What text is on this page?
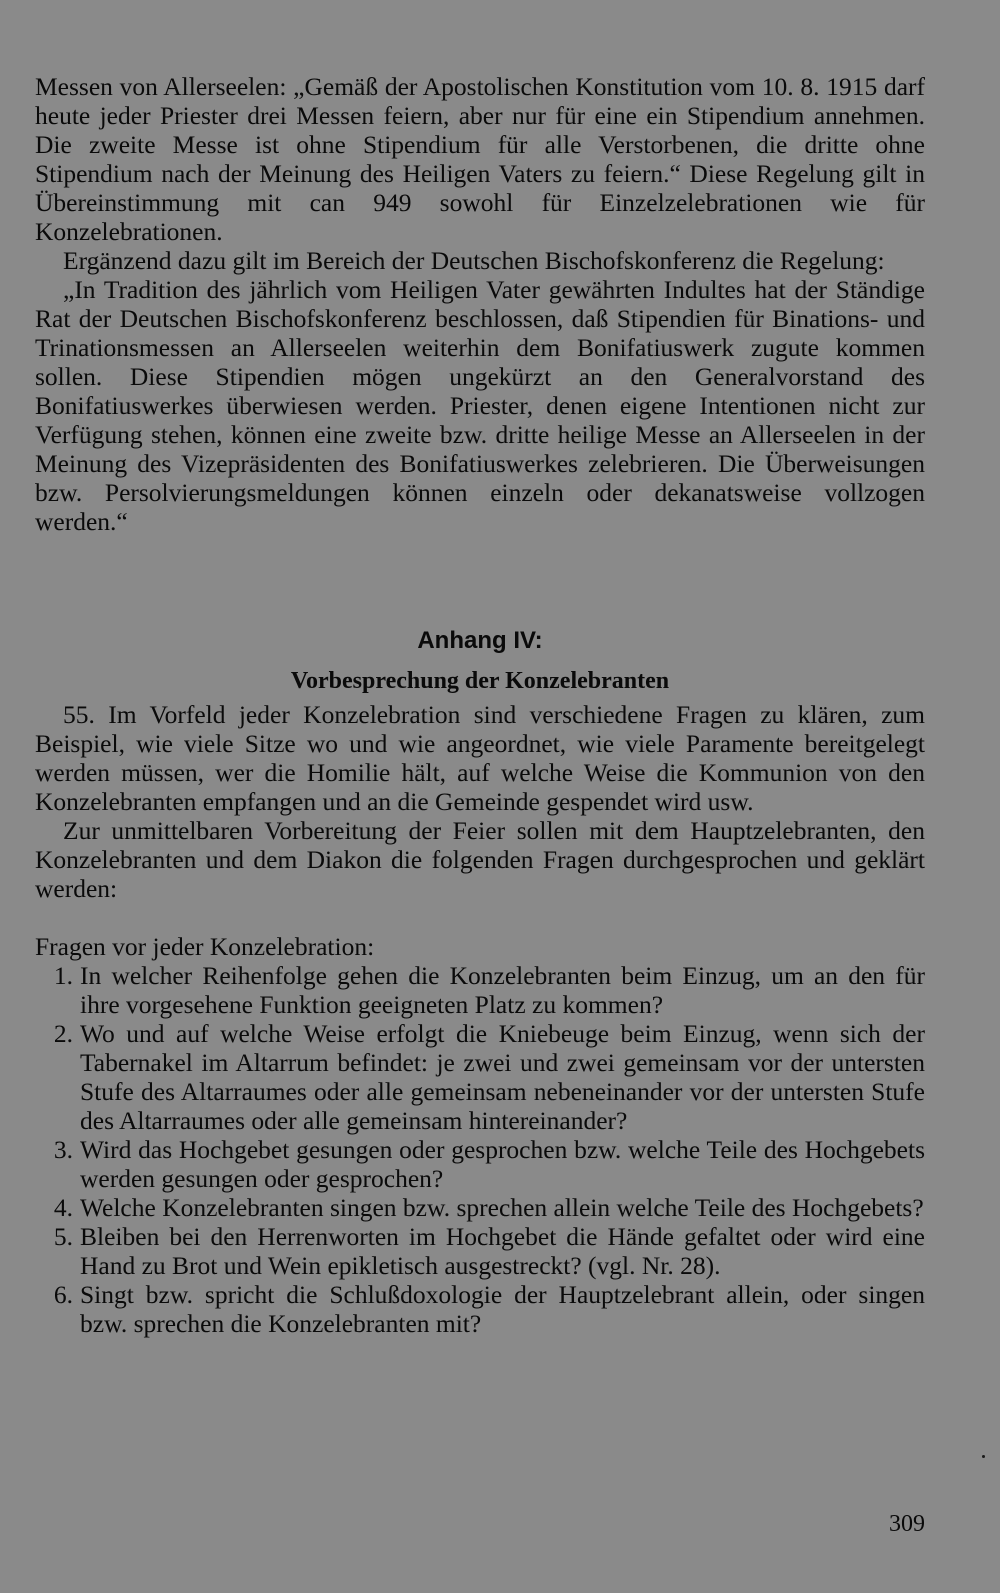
Messen von Allerseelen: „Gemäß der Apostolischen Konstitution vom 10. 8. 1915 darf heute jeder Priester drei Messen feiern, aber nur für eine ein Stipendium annehmen. Die zweite Messe ist ohne Stipendium für alle Verstorbenen, die dritte ohne Stipendium nach der Meinung des Heiligen Vaters zu feiern.“ Diese Regelung gilt in Übereinstimmung mit can 949 sowohl für Einzelzelebrationen wie für Konzelebrationen.

Ergänzend dazu gilt im Bereich der Deutschen Bischofskonferenz die Regelung:

„In Tradition des jährlich vom Heiligen Vater gewährten Indultes hat der Ständige Rat der Deutschen Bischofskonferenz beschlossen, daß Stipendien für Binations- und Trinationsmessen an Allerseelen weiterhin dem Bonifatiuswerk zugute kommen sollen. Diese Stipendien mögen ungekürzt an den Generalvorstand des Bonifatiuswerkes überwiesen werden. Priester, denen eigene Intentionen nicht zur Verfügung stehen, können eine zweite bzw. dritte heilige Messe an Allerseelen in der Meinung des Vizepräsidenten des Bonifatiuswerkes zelebrieren. Die Überweisungen bzw. Persolvierungsmeldungen können einzeln oder dekanatsweise vollzogen werden.“

Anhang IV:

Vorbesprechung der Konzelebranten

55. Im Vorfeld jeder Konzelebration sind verschiedene Fragen zu klären, zum Beispiel, wie viele Sitze wo und wie angeordnet, wie viele Paramente bereitgelegt werden müssen, wer die Homilie hält, auf welche Weise die Kommunion von den Konzelebranten empfangen und an die Gemeinde gespendet wird usw.

Zur unmittelbaren Vorbereitung der Feier sollen mit dem Hauptzelebranten, den Konzelebranten und dem Diakon die folgenden Fragen durchgesprochen und geklärt werden:

Fragen vor jeder Konzelebration:

1. In welcher Reihenfolge gehen die Konzelebranten beim Einzug, um an den für ihre vorgesehene Funktion geeigneten Platz zu kommen?
2. Wo und auf welche Weise erfolgt die Kniebeuge beim Einzug, wenn sich der Tabernakel im Altarrum befindet: je zwei und zwei gemeinsam vor der untersten Stufe des Altarraumes oder alle gemeinsam nebeneinander vor der untersten Stufe des Altarraumes oder alle gemeinsam hintereinander?
3. Wird das Hochgebet gesungen oder gesprochen bzw. welche Teile des Hochgebets werden gesungen oder gesprochen?
4. Welche Konzelebranten singen bzw. sprechen allein welche Teile des Hochgebets?
5. Bleiben bei den Herrenworten im Hochgebet die Hände gefaltet oder wird eine Hand zu Brot und Wein epikletisch ausgestreckt? (vgl. Nr. 28).
6. Singt bzw. spricht die Schlußdoxologie der Hauptzelebrant allein, oder singen bzw. sprechen die Konzelebranten mit?
309
